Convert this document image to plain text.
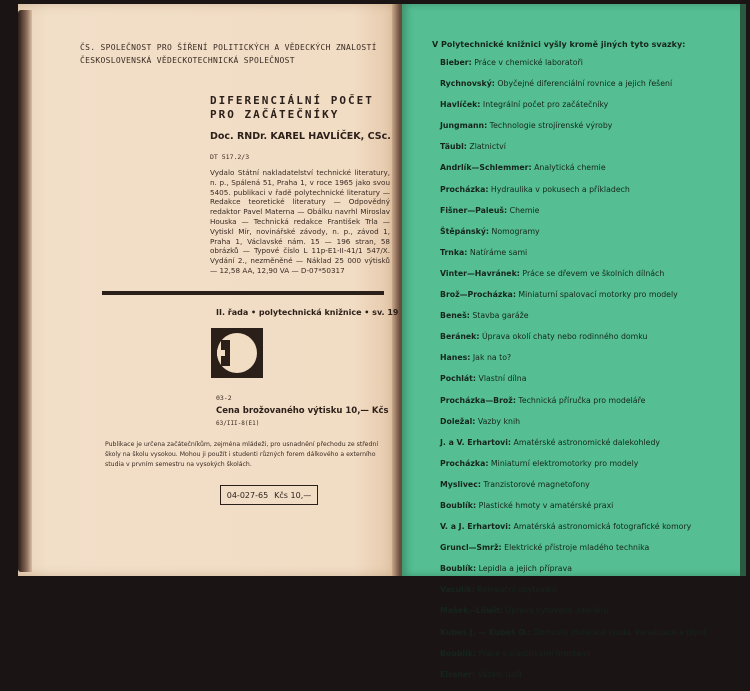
ČS. SPOLEČNOST PRO ŠÍŘENÍ POLITICKÝCH A VĚDECKÝCH ZNALOSTÍ
ČESKOSLOVENSKÁ VĚDECKOTECHNICKÁ SPOLEČNOST
DIFERENCIÁLNÍ POČET
PRO ZAČÁTEČNÍKY
Doc. RNDr. KAREL HAVLÍČEK, CSc.
DT 517.2/3
Vydalo Státní nakladatelství technické literatury, n. p., Spálená 51, Praha 1, v roce 1965 jako svou 5405. publikaci v řadě polytechnické literatury — Redakce teoretické literatury — Odpovědný redaktor Pavel Materna — Obálku navrhl Miroslav Houska — Technická redakce František Trla — Vytiskl Mír, novinářské závody, n. p., závod 1, Praha 1, Václavské nám. 15 — 196 stran, 58 obrázků — Typové číslo L 11p-E1-II-41/1 547/X. Vydání 2., nezměněné — Náklad 25 000 výtisků — 12,58 AA, 12,90 VA — D-07*50317
II. řada • polytechnická knižnice • sv. 19
03-2
Cena brožovaného výtisku 10,— Kčs
63/III-8(E1)
Publikace je určena začátečníkům, zejména mládeži, pro usnadnění přechodu ze střední školy na školu vysokou. Mohou ji použít i studenti různých forem dálkového a externího studia v prvním semestru na vysokých školách.
04-027-65 Kčs 10,—
V Polytechnické knižnici vyšly kromě jiných tyto svazky:
Bieber: Práce v chemické laboratoři
Rychnovský: Obyčejné diferenciální rovnice a jejich řešení
Havlíček: Integrální počet pro začátečníky
Jungmann: Technologie strojírenské výroby
Täubl: Zlatnictví
Andrlík—Schlemmer: Analytická chemie
Procházka: Hydraulika v pokusech a příkladech
Fišner—Paleuš: Chemie
Štěpánský: Nomogramy
Trnka: Natíráme sami
Vinter—Havránek: Práce se dřevem ve školních dílnách
Brož—Procházka: Miniaturní spalovací motorky pro modely
Beneš: Stavba garáže
Beránek: Úprava okolí chaty nebo rodinného domku
Hanes: Jak na to?
Pochlát: Vlastní dílna
Procházka—Brož: Technická příručka pro modeláře
Doležal: Vazby knih
J. a V. Erhartovi: Amatérské astronomické dalekohledy
Procházka: Miniaturní elektromotorky pro modely
Myslivec: Tranzistorové magnetofony
Boublík: Plastické hmoty v amatérské praxi
V. a J. Erhartovi: Amatérská astronomická fotografické komory
Gruncl—Smrž: Elektrické přístroje mladého technika
Boublík: Lepidla a jejich příprava
Vaculík: Rekreační ubytování
Mašek—Löwit: Úprava bytového interiéru
Kubeš J. — Kubeš O.: Domovní instalace (voda, kanalizace a plyn)
Boublík: Práce s plastickými hmotami
Eissner: Vázání uzlů
